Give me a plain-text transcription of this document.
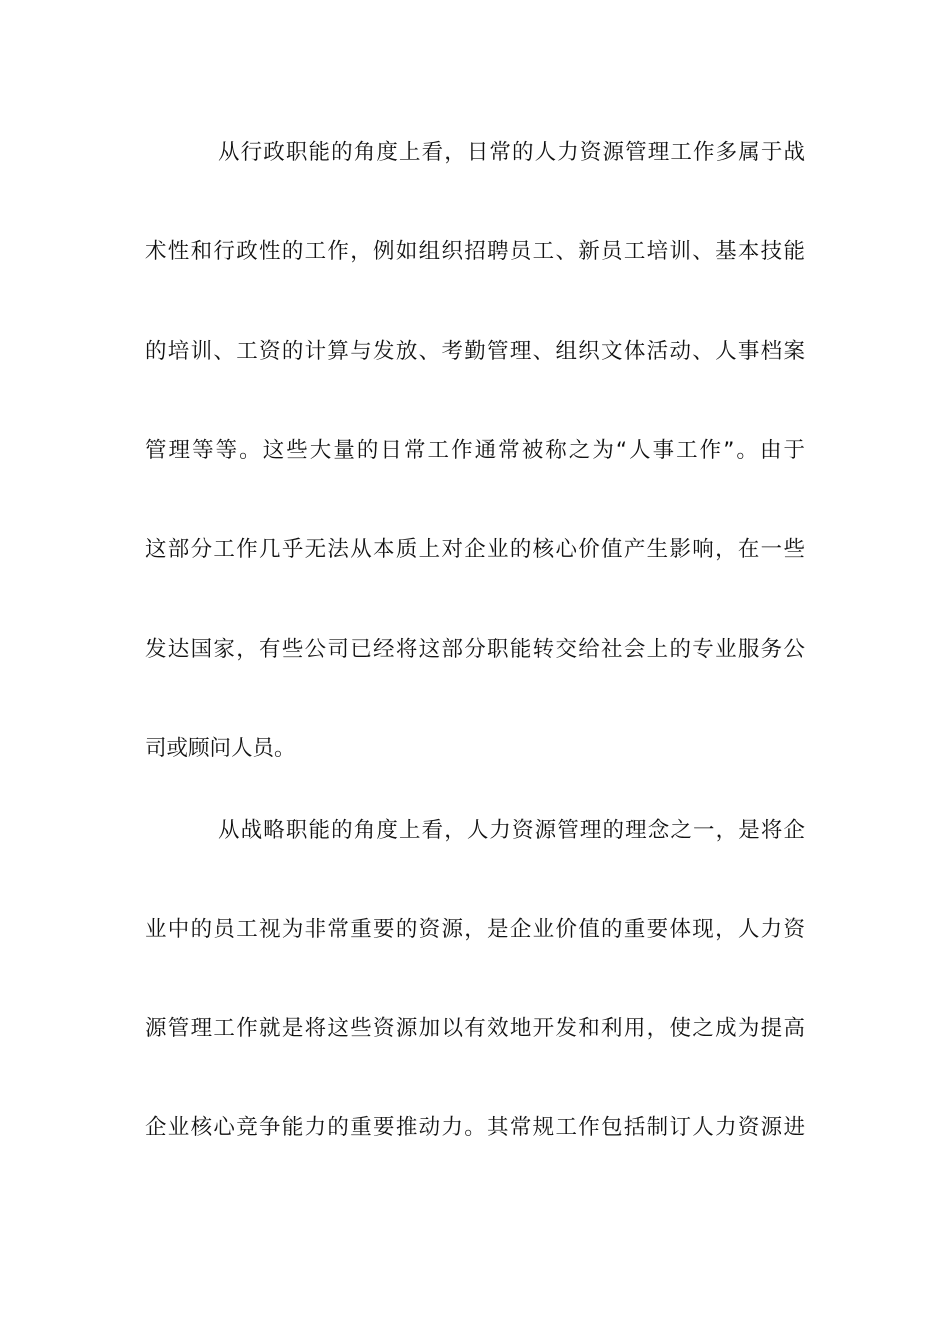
从行政职能的角度上看，日常的人力资源管理工作多属于战
术性和行政性的工作，例如组织招聘员工、新员工培训、基本技能
的培训、工资的计算与发放、考勤管理、组织文体活动、人事档案
管理等等。这些大量的日常工作通常被称之为“人事工作”。由于
这部分工作几乎无法从本质上对企业的核心价值产生影响，在一些
发达国家，有些公司已经将这部分职能转交给社会上的专业服务公
司或顾问人员。
从战略职能的角度上看，人力资源管理的理念之一，是将企
业中的员工视为非常重要的资源，是企业价值的重要体现，人力资
源管理工作就是将这些资源加以有效地开发和利用，使之成为提高
企业核心竞争能力的重要推动力。其常规工作包括制订人力资源进
